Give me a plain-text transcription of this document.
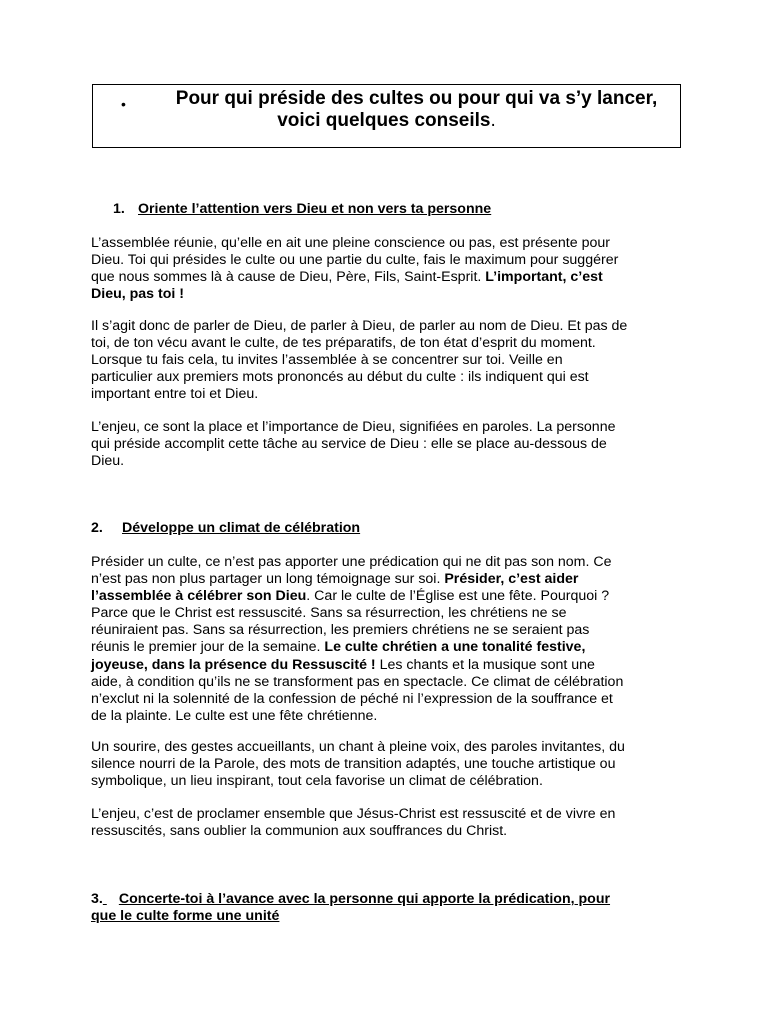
•	Pour qui préside des cultes ou pour qui va s’y lancer,
voici quelques conseils.
1. Oriente l’attention vers Dieu et non vers ta personne
L’assemblée réunie, qu’elle en ait une pleine conscience ou pas, est présente pour
Dieu. Toi qui présides le culte ou une partie du culte, fais le maximum pour suggérer
que nous sommes là à cause de Dieu, Père, Fils, Saint-Esprit. L’important, c’est
Dieu, pas toi !
Il s’agit donc de parler de Dieu, de parler à Dieu, de parler au nom de Dieu. Et pas de
toi, de ton vécu avant le culte, de tes préparatifs, de ton état d’esprit du moment.
Lorsque tu fais cela, tu invites l’assemblée à se concentrer sur toi. Veille en
particulier aux premiers mots prononcés au début du culte : ils indiquent qui est
important entre toi et Dieu.
L’enjeu, ce sont la place et l’importance de Dieu, signifiées en paroles. La personne
qui préside accomplit cette tâche au service de Dieu : elle se place au-dessous de
Dieu.
2. Développe un climat de célébration
Présider un culte, ce n’est pas apporter une prédication qui ne dit pas son nom. Ce
n’est pas non plus partager un long témoignage sur soi. Présider, c’est aider
l’assemblée à célébrer son Dieu. Car le culte de l’Église est une fête. Pourquoi ?
Parce que le Christ est ressuscité. Sans sa résurrection, les chrétiens ne se
réuniraient pas. Sans sa résurrection, les premiers chrétiens ne se seraient pas
réunis le premier jour de la semaine. Le culte chrétien a une tonalité festive,
joyeuse, dans la présence du Ressuscité ! Les chants et la musique sont une
aide, à condition qu’ils ne se transforment pas en spectacle. Ce climat de célébration
n’exclut ni la solennité de la confession de péché ni l’expression de la souffrance et
de la plainte. Le culte est une fête chrétienne.
Un sourire, des gestes accueillants, un chant à pleine voix, des paroles invitantes, du
silence nourri de la Parole, des mots de transition adaptés, une touche artistique ou
symbolique, un lieu inspirant, tout cela favorise un climat de célébration.
L’enjeu, c’est de proclamer ensemble que Jésus-Christ est ressuscité et de vivre en
ressuscités, sans oublier la communion aux souffrances du Christ.
3. Concerte-toi à l’avance avec la personne qui apporte la prédication, pour
que le culte forme une unité
